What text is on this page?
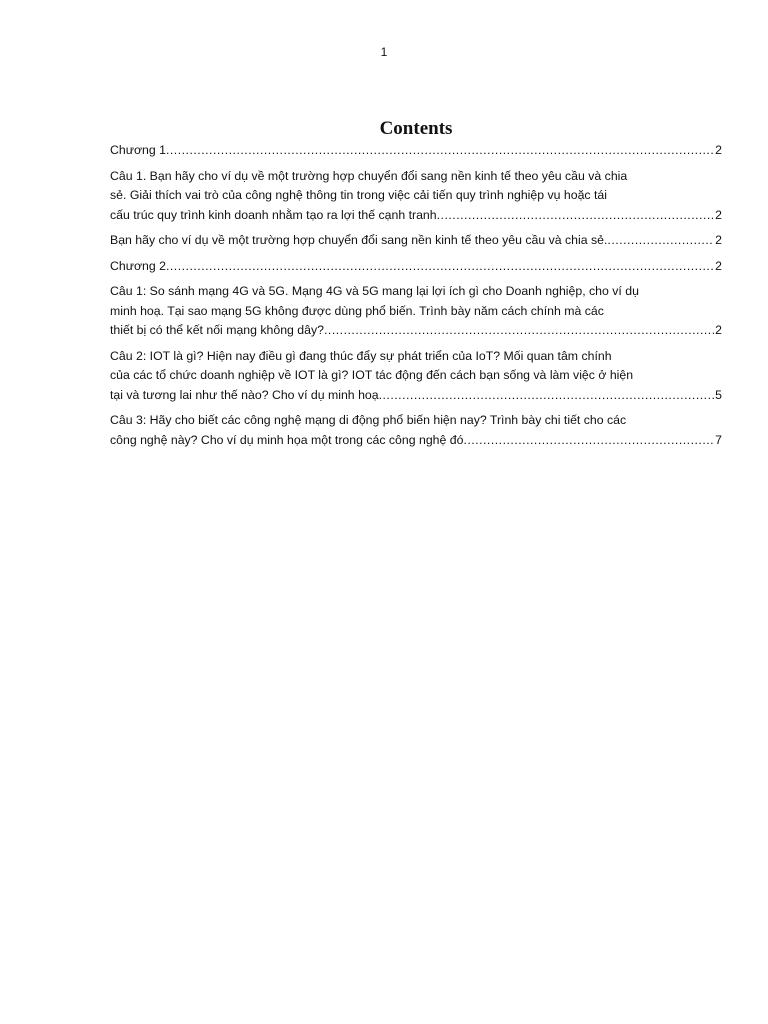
1
Contents
Chương 1 .....	2
Câu 1. Bạn hãy cho ví dụ về một trường hợp chuyển đổi sang nền kinh tế theo yêu cầu và chia
sẻ. Giải thích vai trò của công nghệ thông tin trong việc cải tiến quy trình nghiệp vụ hoặc tái
cấu trúc quy trình kinh doanh nhằm tạo ra lợi thế cạnh tranh .....	2
Bạn hãy cho ví dụ về một trường hợp chuyển đổi sang nền kinh tế theo yêu cầu và chia sẻ. .....	2
Chương 2 .....	2
Câu 1: So sánh mạng 4G và 5G. Mạng 4G và 5G mang lại lợi ích gì cho Doanh nghiệp, cho ví dụ
minh hoạ. Tại sao mạng 5G không được dùng phổ biến. Trình bày năm cách chính mà các
thiết bị có thể kết nối mạng không dây? .....	2
Câu 2: IOT là gì? Hiện nay điều gì đang thúc đẩy sự phát triển của IoT? Mối quan tâm chính
của các tổ chức doanh nghiệp về IOT là gì? IOT tác động đến cách bạn sống và làm việc ở hiện
tại và tương lai như thế nào? Cho ví dụ minh hoạ .....	5
Câu 3: Hãy cho biết các công nghệ mạng di động phổ biến hiện nay? Trình bày chi tiết cho các
công nghệ này? Cho ví dụ minh họa một trong các công nghệ đó .....	7
